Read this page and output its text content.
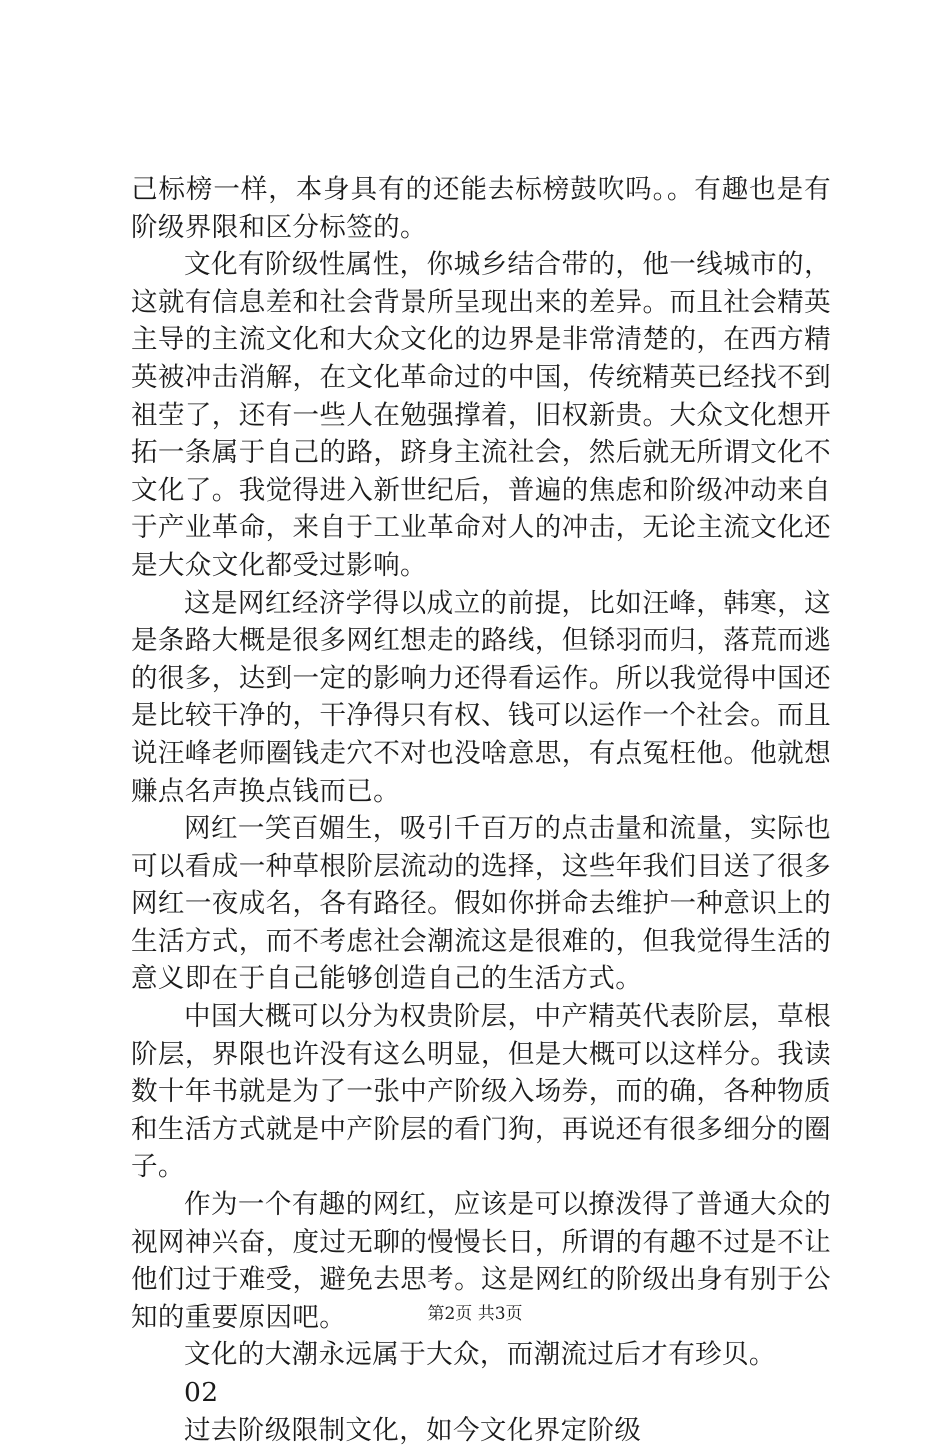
己标榜一样，本身具有的还能去标榜鼓吹吗。。有趣也是有阶级界限和区分标签的。

文化有阶级性属性，你城乡结合带的，他一线城市的，这就有信息差和社会背景所呈现出来的差异。而且社会精英主导的主流文化和大众文化的边界是非常清楚的，在西方精英被冲击消解，在文化革命过的中国，传统精英已经找不到祖茔了，还有一些人在勉强撑着，旧权新贵。大众文化想开拓一条属于自己的路，跻身主流社会，然后就无所谓文化不文化了。我觉得进入新世纪后，普遍的焦虑和阶级冲动来自于产业革命，来自于工业革命对人的冲击，无论主流文化还是大众文化都受过影响。

这是网红经济学得以成立的前提，比如汪峰，韩寒，这是条路大概是很多网红想走的路线，但铩羽而归，落荒而逃的很多，达到一定的影响力还得看运作。所以我觉得中国还是比较干净的，干净得只有权、钱可以运作一个社会。而且说汪峰老师圈钱走穴不对也没啥意思，有点冤枉他。他就想赚点名声换点钱而已。

网红一笑百媚生，吸引千百万的点击量和流量，实际也可以看成一种草根阶层流动的选择，这些年我们目送了很多网红一夜成名，各有路径。假如你拼命去维护一种意识上的生活方式，而不考虑社会潮流这是很难的，但我觉得生活的意义即在于自己能够创造自己的生活方式。

中国大概可以分为权贵阶层，中产精英代表阶层，草根阶层，界限也许没有这么明显，但是大概可以这样分。我读数十年书就是为了一张中产阶级入场券，而的确，各种物质和生活方式就是中产阶层的看门狗，再说还有很多细分的圈子。

作为一个有趣的网红，应该是可以撩泼得了普通大众的视网神兴奋，度过无聊的慢慢长日，所谓的有趣不过是不让他们过于难受，避免去思考。这是网红的阶级出身有别于公知的重要原因吧。

文化的大潮永远属于大众，而潮流过后才有珍贝。

02

过去阶级限制文化，如今文化界定阶级

第2页 共3页
